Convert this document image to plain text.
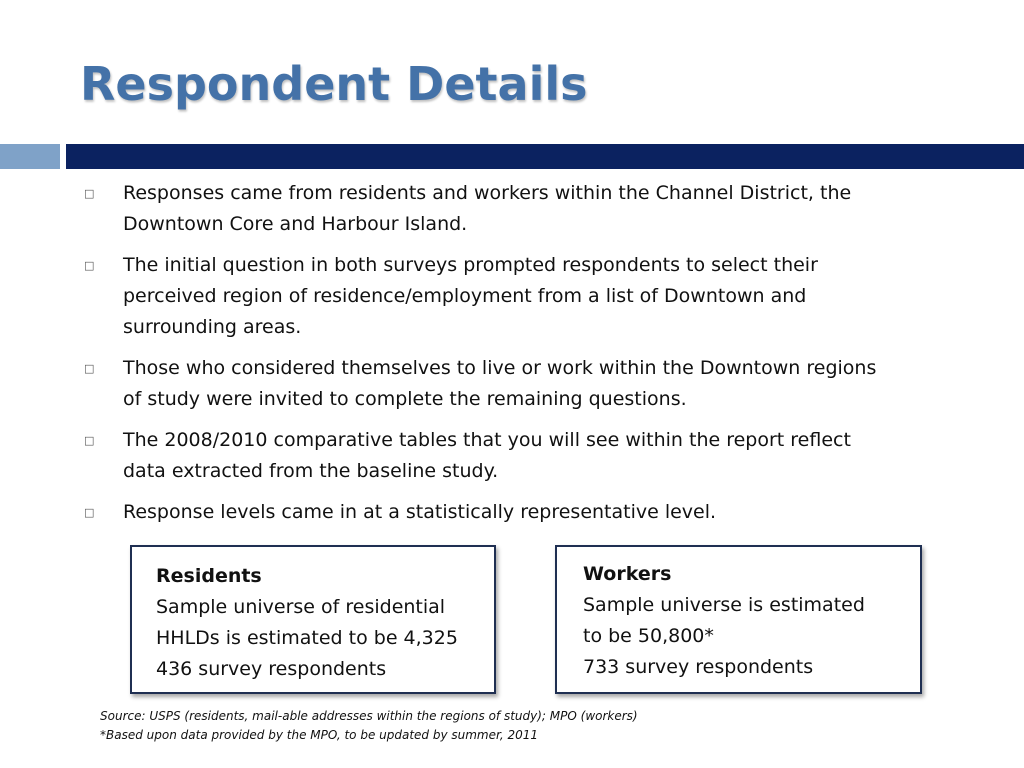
Respondent Details
□	Responses came from residents and workers within the Channel District, the
Downtown Core and Harbour Island.
□	The initial question in both surveys prompted respondents to select their
perceived region of residence/employment from a list of Downtown and
surrounding areas.
□	Those who considered themselves to live or work within the Downtown regions
of study were invited to complete the remaining questions.
□	The 2008/2010 comparative tables that you will see within the report reflect
data extracted from the baseline study.
□	Response levels came in at a statistically representative level.
Residents
Sample universe of residential
HHLDs is estimated to be 4,325
436 survey respondents
Workers
Sample universe is estimated
to be 50,800*
733 survey respondents
Source: USPS (residents, mail-able addresses within the regions of study); MPO (workers)
*Based upon data provided by the MPO, to be updated by summer, 2011
